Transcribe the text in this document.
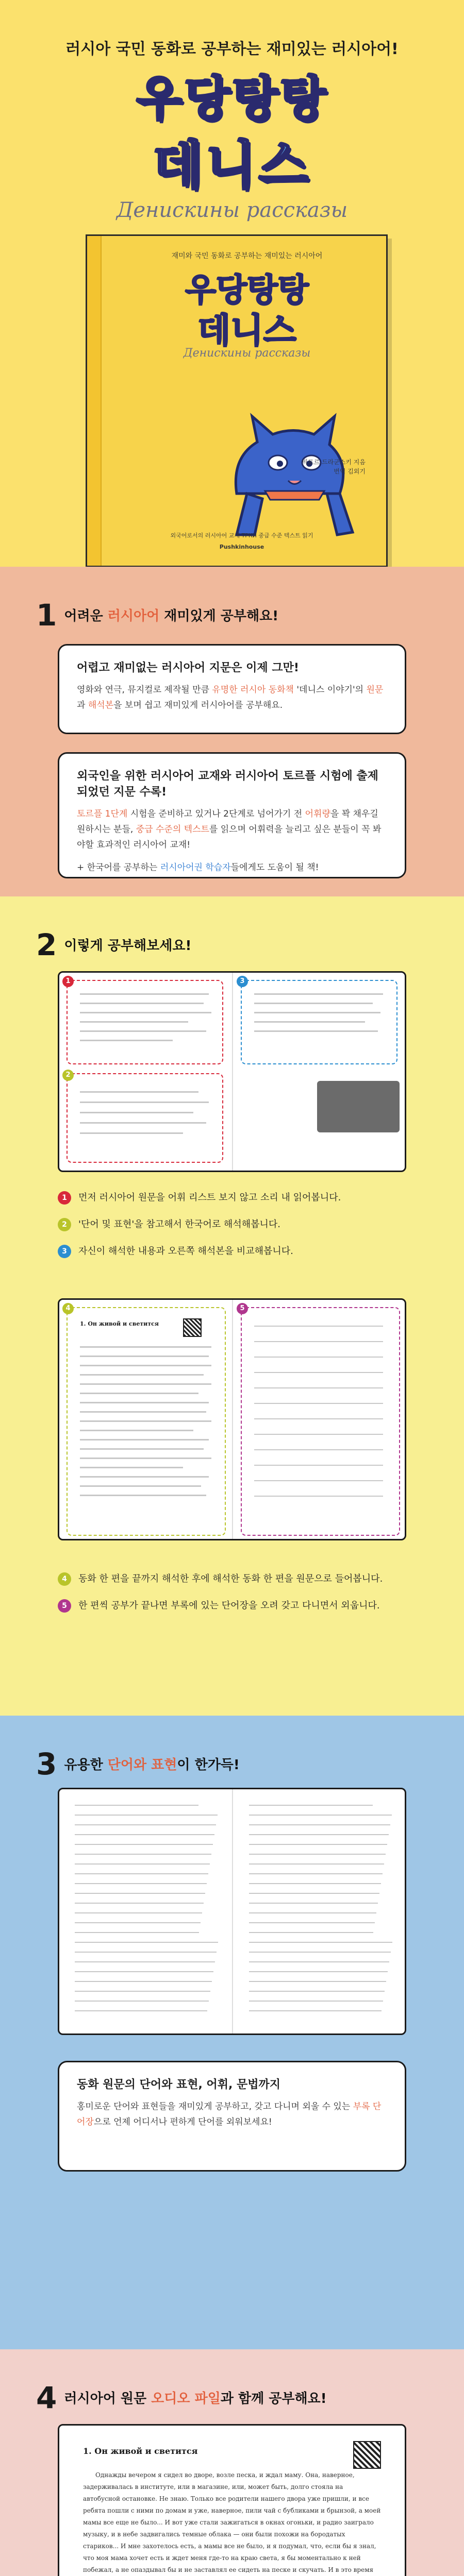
러시아 국민 동화로 공부하는 재미있는 러시아어!
우당탕탕
데니스
Денискины рассказы
재미와 국민 동화로 공부하는 재미있는 러시아어
우당탕탕
데니스
Денискины рассказы
빅토르 드라군스키 지음
번역 김외기
외국어로서의 러시아어 교재 ТРКИ 중급 수준 텍스트 읽기
Pushkinhouse
1 어려운 러시아어 재미있게 공부해요!
어렵고 재미없는 러시아어 지문은 이제 그만!

영화와 연극, 뮤지컬로 제작될 만큼 유명한 러시아 동화책 '데니스 이야기'의 원문과 해석본을 보며 쉽고 재미있게 러시아어를 공부해요.

외국인을 위한 러시아어 교재와 러시아어 토르플 시험에 출제되었던 지문 수록!

토르플 1단계 시험을 준비하고 있거나 2단계로 넘어가기 전 어휘량을 꽉 채우길 원하시는 분들, 중급 수준의 텍스트를 읽으며 어휘력을 늘리고 싶은 분들이 꼭 봐야할 효과적인 러시아어 교재!

+ 한국어를 공부하는 러시아어권 학습자들에게도 도움이 될 책!

2 이렇게 공부해보세요!
1
2
3
1	먼저 러시아어 원문을 어휘 리스트 보지 않고 소리 내 읽어봅니다.
2	'단어 및 표현'을 참고해서 한국어로 해석해봅니다.
3	자신이 해석한 내용과 오른쪽 해석본을 비교해봅니다.
4
1. Он живой и светится
5
4	동화 한 편을 끝까지 해석한 후에 해석한 동화 한 편을 원문으로 들어봅니다.
5	한 편씩 공부가 끝나면 부록에 있는 단어장을 오려 갖고 다니면서 외웁니다.
3 유용한 단어와 표현이 한가득!
동화 원문의 단어와 표현, 어휘, 문법까지

홍미로운 단어와 표현들을 재미있게 공부하고, 갖고 다니며 외울 수 있는 부록 단어장으로 언제 어디서나 편하게 단어를 외워보세요!

4 러시아어 원문 오디오 파일과 함께 공부해요!
1. Он живой и светится
Однажды вечером я сидел во дворе, возле песка, и ждал маму. Она, наверное, задерживалась в институте, или в магазине, или, может быть, долго стояла на автобусной остановке. Не знаю. Только все родители нашего двора уже пришли, и все ребята пошли с ними по домам и уже, наверное, пили чай с бубликами и брынзой, а моей мамы все еще не было... И вот уже стали зажигаться в окнах огоньки, и радио заиграло музыку, и в небе задвигались темные облака — они были похожи на бородатых стариков... И мне захотелось есть, а мамы все не было, и я подумал, что, если бы я знал, что моя мама хочет есть и ждет меня где-то на краю света, я бы моментально к ней побежал, а не опаздывал бы и не заставлял ее сидеть на песке и скучать. И в это время
